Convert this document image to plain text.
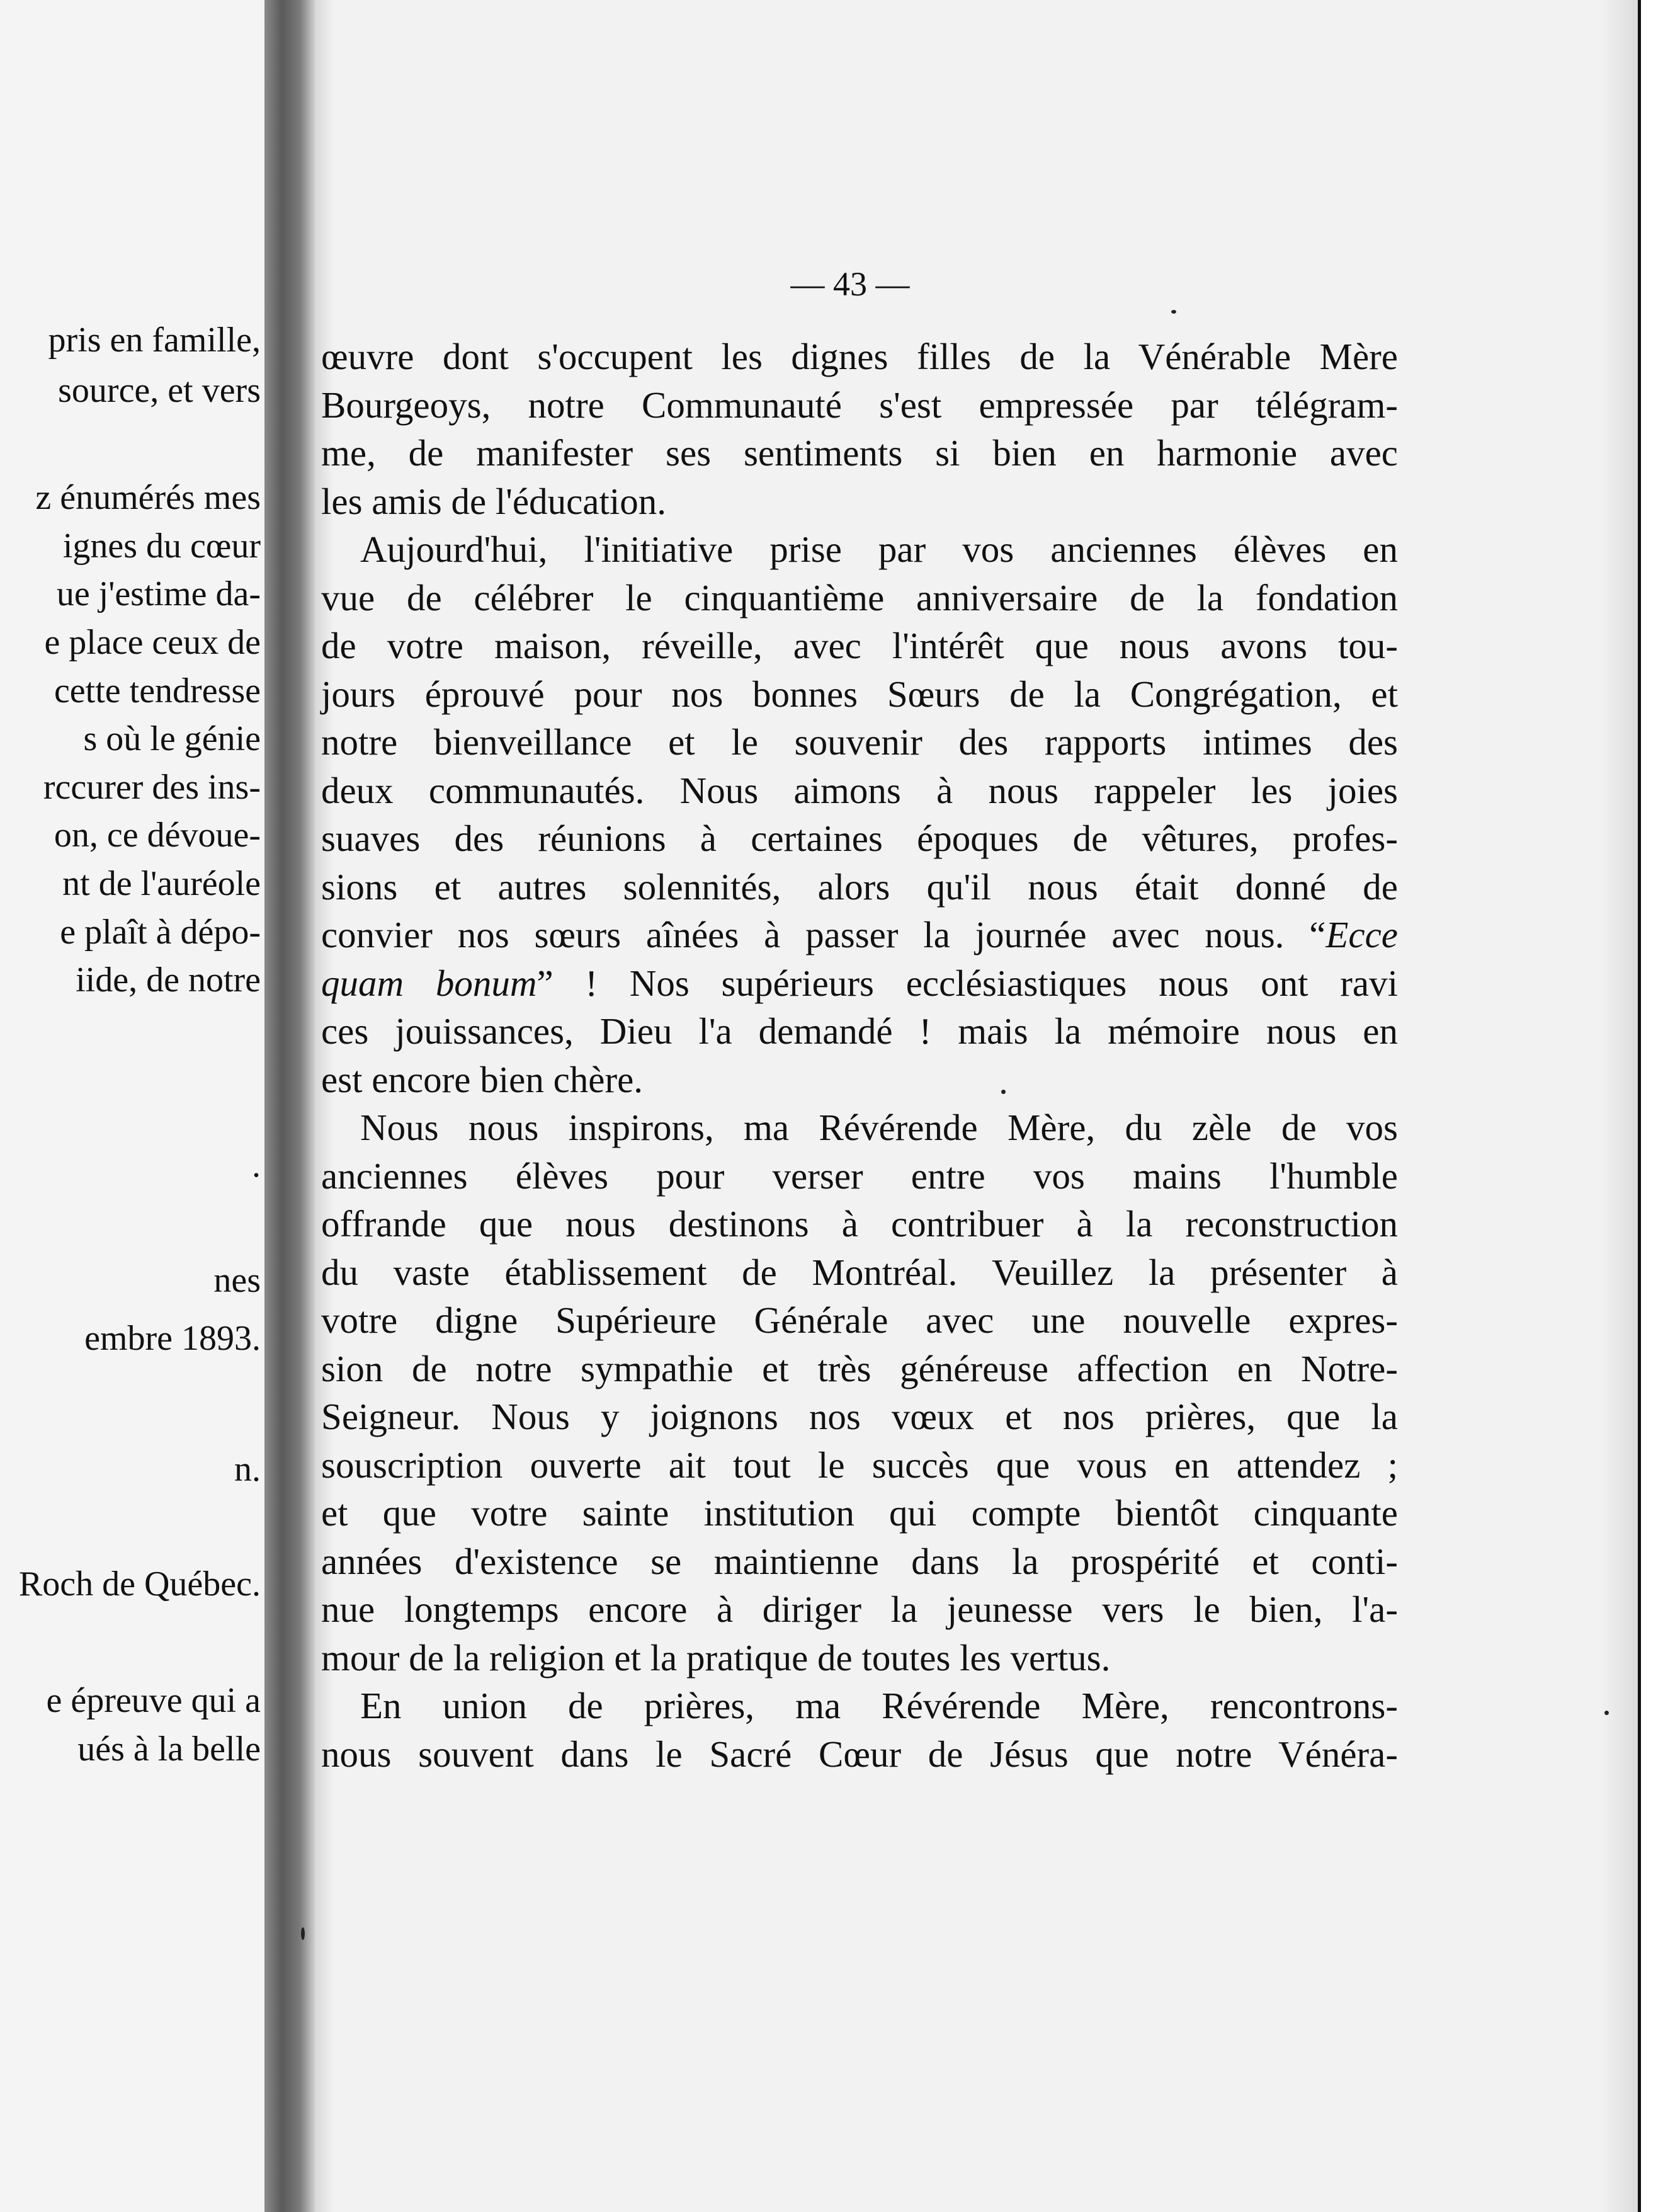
pris en famille,
source, et vers
z énumérés mes
ignes du cœur
ue j'estime da-
e place ceux de
cette tendresse
s où le génie
rccurer des ins-
on, ce dévoue-
nt de l'auréole
e plaît à dépo-
iide, de notre
.
nes
embre 1893.
n.
Roch de Québec.
e épreuve qui a
ués à la belle
— 43 —
œuvre dont s'occupent les dignes filles de la Vénérable Mère
Bourgeoys, notre Communauté s'est empressée par télégram-
me, de manifester ses sentiments si bien en harmonie avec
les amis de l'éducation.
Aujourd'hui, l'initiative prise par vos anciennes élèves en
vue de célébrer le cinquantième anniversaire de la fondation
de votre maison, réveille, avec l'intérêt que nous avons tou-
jours éprouvé pour nos bonnes Sœurs de la Congrégation, et
notre bienveillance et le souvenir des rapports intimes des
deux communautés. Nous aimons à nous rappeler les joies
suaves des réunions à certaines époques de vêtures, profes-
sions et autres solennités, alors qu'il nous était donné de
convier nos sœurs aînées à passer la journée avec nous. “Ecce
quam bonum” ! Nos supérieurs ecclésiastiques nous ont ravi
ces jouissances, Dieu l'a demandé ! mais la mémoire nous en
est encore bien chère.
Nous nous inspirons, ma Révérende Mère, du zèle de vos
anciennes élèves pour verser entre vos mains l'humble
offrande que nous destinons à contribuer à la reconstruction
du vaste établissement de Montréal. Veuillez la présenter à
votre digne Supérieure Générale avec une nouvelle expres-
sion de notre sympathie et très généreuse affection en Notre-
Seigneur. Nous y joignons nos vœux et nos prières, que la
souscription ouverte ait tout le succès que vous en attendez ;
et que votre sainte institution qui compte bientôt cinquante
années d'existence se maintienne dans la prospérité et conti-
nue longtemps encore à diriger la jeunesse vers le bien, l'a-
mour de la religion et la pratique de toutes les vertus.
En union de prières, ma Révérende Mère, rencontrons-
nous souvent dans le Sacré Cœur de Jésus que notre Vénéra-
